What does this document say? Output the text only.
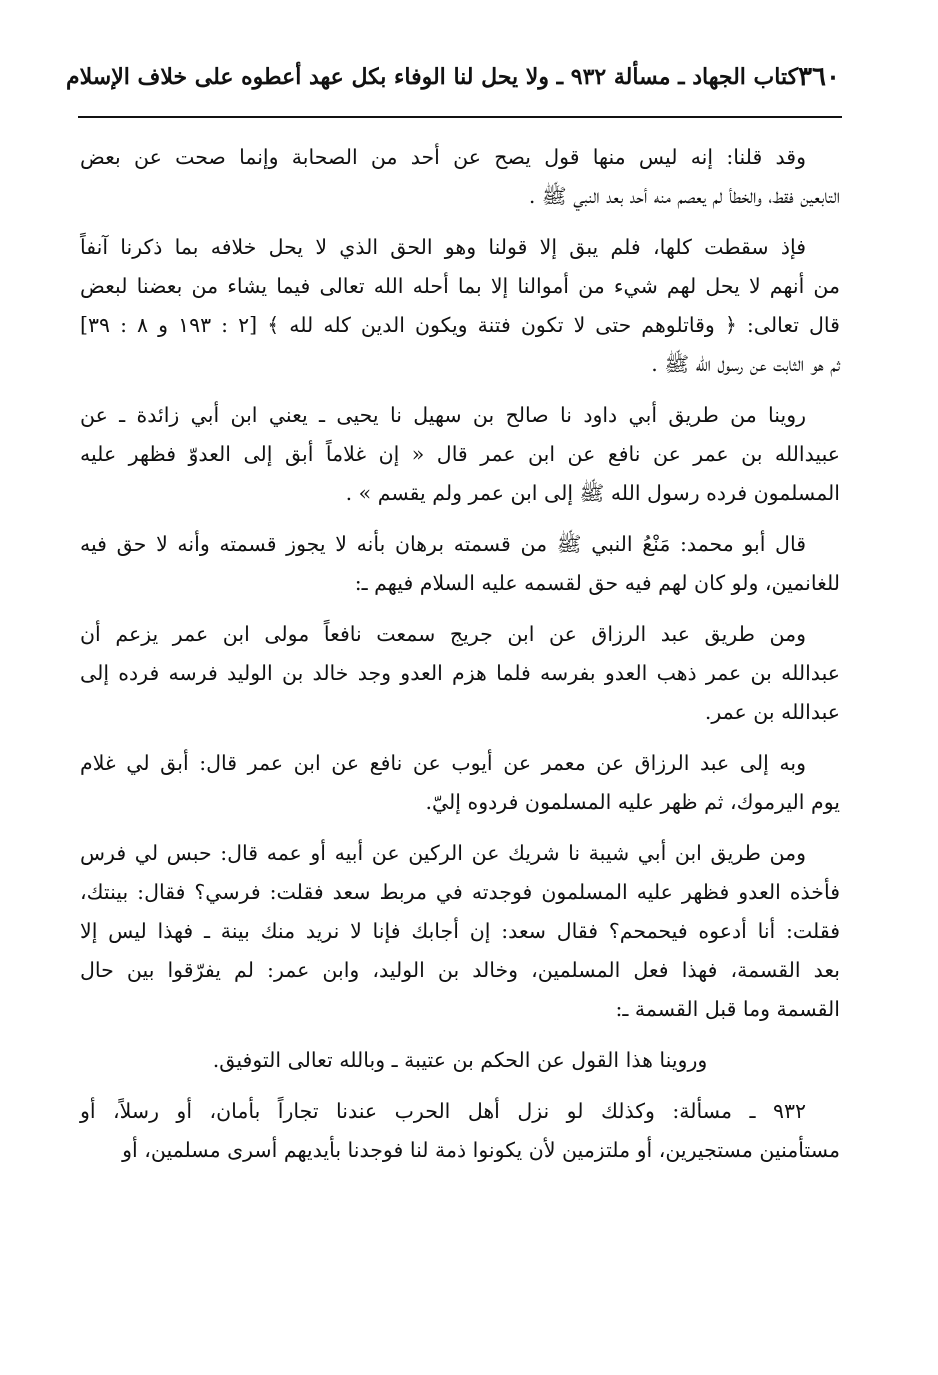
٣٦٠
كتاب الجهاد ـ مسألة ٩٣٢ ـ ولا يحل لنا الوفاء بكل عهد أعطوه على خلاف الإسلام
وقد قلنا: إنه ليس منها قول يصح عن أحد من الصحابة وإنما صحت عن بعض
التابعين فقط، والخطأ لم يعصم منه أحد بعد النبي ﷺ .
فإذ سقطت كلها، فلم يبق إلا قولنا وهو الحق الذي لا يحل خلافه بما ذكرنا آنفاً
من أنهم لا يحل لهم شيء من أموالنا إلا بما أحله الله تعالى فيما يشاء من بعضنا لبعض
قال تعالى: ﴿ وقاتلوهم حتى لا تكون فتنة ويكون الدين كله لله ﴾ [٢ : ١٩٣ و ٨ : ٣٩]
ثم هو الثابت عن رسول الله ﷺ .
روينا من طريق أبي داود نا صالح بن سهيل نا يحيى ـ يعني ابن أبي زائدة ـ عن
عبيدالله بن عمر عن نافع عن ابن عمر قال « إن غلاماً أبق إلى العدوّ فظهر عليه
المسلمون فرده رسول الله ﷺ إلى ابن عمر ولم يقسم » .
قال أبو محمد: مَنْعُ النبي ﷺ من قسمته برهان بأنه لا يجوز قسمته وأنه لا حق فيه
للغانمين، ولو كان لهم فيه حق لقسمه عليه السلام فيهم ـ:
ومن طريق عبد الرزاق عن ابن جريج سمعت نافعاً مولى ابن عمر يزعم أن
عبدالله بن عمر ذهب العدو بفرسه فلما هزم العدو وجد خالد بن الوليد فرسه فرده إلى
عبدالله بن عمر.
وبه إلى عبد الرزاق عن معمر عن أيوب عن نافع عن ابن عمر قال: أبق لي غلام
يوم اليرموك، ثم ظهر عليه المسلمون فردوه إليّ.
ومن طريق ابن أبي شيبة نا شريك عن الركين عن أبيه أو عمه قال: حبس لي فرس
فأخذه العدو فظهر عليه المسلمون فوجدته في مربط سعد فقلت: فرسي؟ فقال: بينتك،
فقلت: أنا أدعوه فيحمحم؟ فقال سعد: إن أجابك فإنا لا نريد منك بينة ـ فهذا ليس إلا
بعد القسمة، فهذا فعل المسلمين، وخالد بن الوليد، وابن عمر: لم يفرّقوا بين حال
القسمة وما قبل القسمة ـ:
وروينا هذا القول عن الحكم بن عتيبة ـ وبالله تعالى التوفيق.
٩٣٢ ـ مسألة: وكذلك لو نزل أهل الحرب عندنا تجاراً بأمان، أو رسلاً، أو
مستأمنين مستجيرين، أو ملتزمين لأن يكونوا ذمة لنا فوجدنا بأيديهم أسرى مسلمين، أو
